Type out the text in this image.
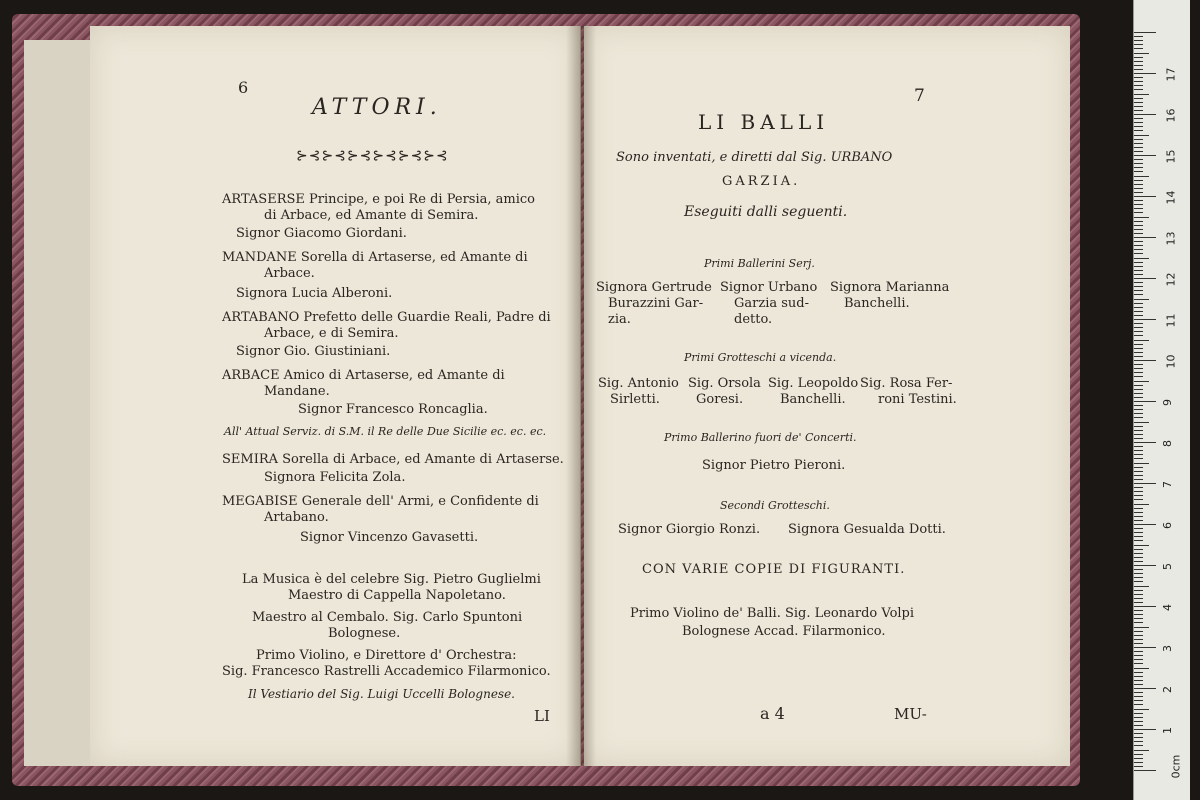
6
ATTORI.
⊱⊰⊱⊰⊱⊰⊱⊰⊱⊰⊱⊰
ARTASERSE Principe, e poi Re di Persia, amico
di Arbace, ed Amante di Semira.
Signor Giacomo Giordani.
MANDANE Sorella di Artaserse, ed Amante di
Arbace.
Signora Lucia Alberoni.
ARTABANO Prefetto delle Guardie Reali, Padre di
Arbace, e di Semira.
Signor Gio. Giustiniani.
ARBACE Amico di Artaserse, ed Amante di
Mandane.
Signor Francesco Roncaglia.
All' Attual Serviz. di S.M. il Re delle Due Sicilie ec. ec. ec.
SEMIRA Sorella di Arbace, ed Amante di Artaserse.
Signora Felicita Zola.
MEGABISE Generale dell' Armi, e Confidente di
Artabano.
Signor Vincenzo Gavasetti.
La Musica è del celebre Sig. Pietro Guglielmi
Maestro di Cappella Napoletano.
Maestro al Cembalo. Sig. Carlo Spuntoni
Bolognese.
Primo Violino, e Direttore d' Orchestra:
Sig. Francesco Rastrelli Accademico Filarmonico.
Il Vestiario del Sig. Luigi Uccelli Bolognese.
LI
7
LI BALLI
Sono inventati, e diretti dal Sig. URBANO
GARZIA.
Eseguiti dalli seguenti.
Primi Ballerini Serj.
Signora Gertrude
Burazzini Gar-
zia.
Signor Urbano
Garzia sud-
detto.
Signora Marianna
Banchelli.
Primi Grotteschi a vicenda.
Sig. Antonio
Sirletti.
Sig. Orsola
Goresi.
Sig. Leopoldo
Banchelli.
Sig. Rosa Fer-
roni Testini.
Primo Ballerino fuori de' Concerti.
Signor Pietro Pieroni.
Secondi Grotteschi.
Signor Giorgio Ronzi. Signora Gesualda Dotti.
CON VARIE COPIE DI FIGURANTI.
Primo Violino de' Balli. Sig. Leonardo Volpi
Bolognese Accad. Filarmonico.
a 4	MU-
0cm
1
2
3
4
5
6
7
8
9
10
11
12
13
14
15
16
17
